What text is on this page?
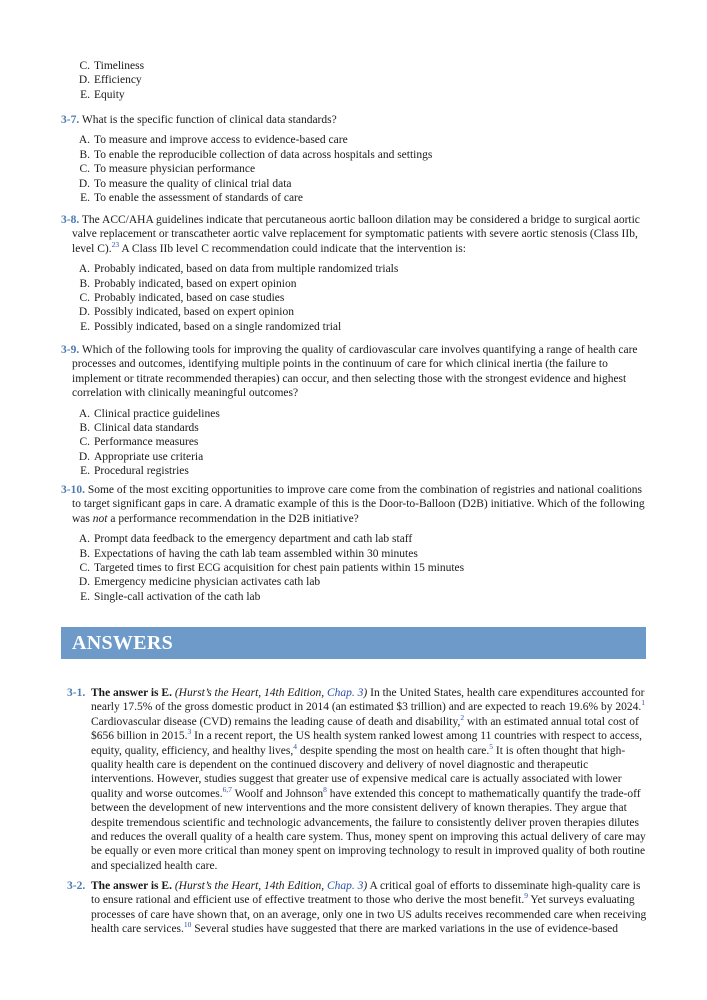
C. Timeliness
D. Efficiency
E. Equity

3-7. What is the specific function of clinical data standards?

A. To measure and improve access to evidence-based care
B. To enable the reproducible collection of data across hospitals and settings
C. To measure physician performance
D. To measure the quality of clinical trial data
E. To enable the assessment of standards of care

3-8. The ACC/AHA guidelines indicate that percutaneous aortic balloon dilation may be considered a bridge to surgical aortic valve replacement or transcatheter aortic valve replacement for symptomatic patients with severe aortic stenosis (Class IIb, level C).$^{23}$ A Class IIb level C recommendation could indicate that the intervention is:

A. Probably indicated, based on data from multiple randomized trials
B. Probably indicated, based on expert opinion
C. Probably indicated, based on case studies
D. Possibly indicated, based on expert opinion
E. Possibly indicated, based on a single randomized trial

3-9. Which of the following tools for improving the quality of cardiovascular care involves quantifying a range of health care processes and outcomes, identifying multiple points in the continuum of care for which clinical inertia (the failure to implement or titrate recommended therapies) can occur, and then selecting those with the strongest evidence and highest correlation with clinically meaningful outcomes?

A. Clinical practice guidelines
B. Clinical data standards
C. Performance measures
D. Appropriate use criteria
E. Procedural registries

3-10. Some of the most exciting opportunities to improve care come from the combination of registries and national coalitions to target significant gaps in care. A dramatic example of this is the Door-to-Balloon (D2B) initiative. Which of the following was not a performance recommendation in the D2B initiative?

A. Prompt data feedback to the emergency department and cath lab staff
B. Expectations of having the cath lab team assembled within 30 minutes
C. Targeted times to first ECG acquisition for chest pain patients within 15 minutes
D. Emergency medicine physician activates cath lab
E. Single-call activation of the cath lab
ANSWERS
3-1. The answer is E. (Hurst’s the Heart, 14th Edition, Chap. 3) In the United States, health care expenditures accounted for nearly 17.5% of the gross domestic product in 2014 (an estimated $3 trillion) and are expected to reach 19.6% by 2024.$^1$ Cardiovascular disease (CVD) remains the leading cause of death and disability,$^2$ with an estimated annual total cost of $656 billion in 2015.$^3$ In a recent report, the US health system ranked lowest among 11 countries with respect to access, equity, quality, efficiency, and healthy lives,$^4$ despite spending the most on health care.$^5$ It is often thought that high-quality health care is dependent on the continued discovery and delivery of novel diagnostic and therapeutic interventions. However, studies suggest that greater use of expensive medical care is actually associated with lower quality and worse outcomes.$^{6,7}$ Woolf and Johnson$^8$ have extended this concept to mathematically quantify the trade-off between the development of new interventions and the more consistent delivery of known therapies. They argue that despite tremendous scientific and technologic advancements, the failure to consistently deliver proven therapies dilutes and reduces the overall quality of a health care system. Thus, money spent on improving this actual delivery of care may be equally or even more critical than money spent on improving technology to result in improved quality of both routine and specialized health care.
3-2. The answer is E. (Hurst’s the Heart, 14th Edition, Chap. 3) A critical goal of efforts to disseminate high-quality care is to ensure rational and efficient use of effective treatment to those who derive the most benefit.$^9$ Yet surveys evaluating processes of care have shown that, on an average, only one in two US adults receives recommended care when receiving health care services.$^{10}$ Several studies have suggested that there are marked variations in the use of evidence-based
